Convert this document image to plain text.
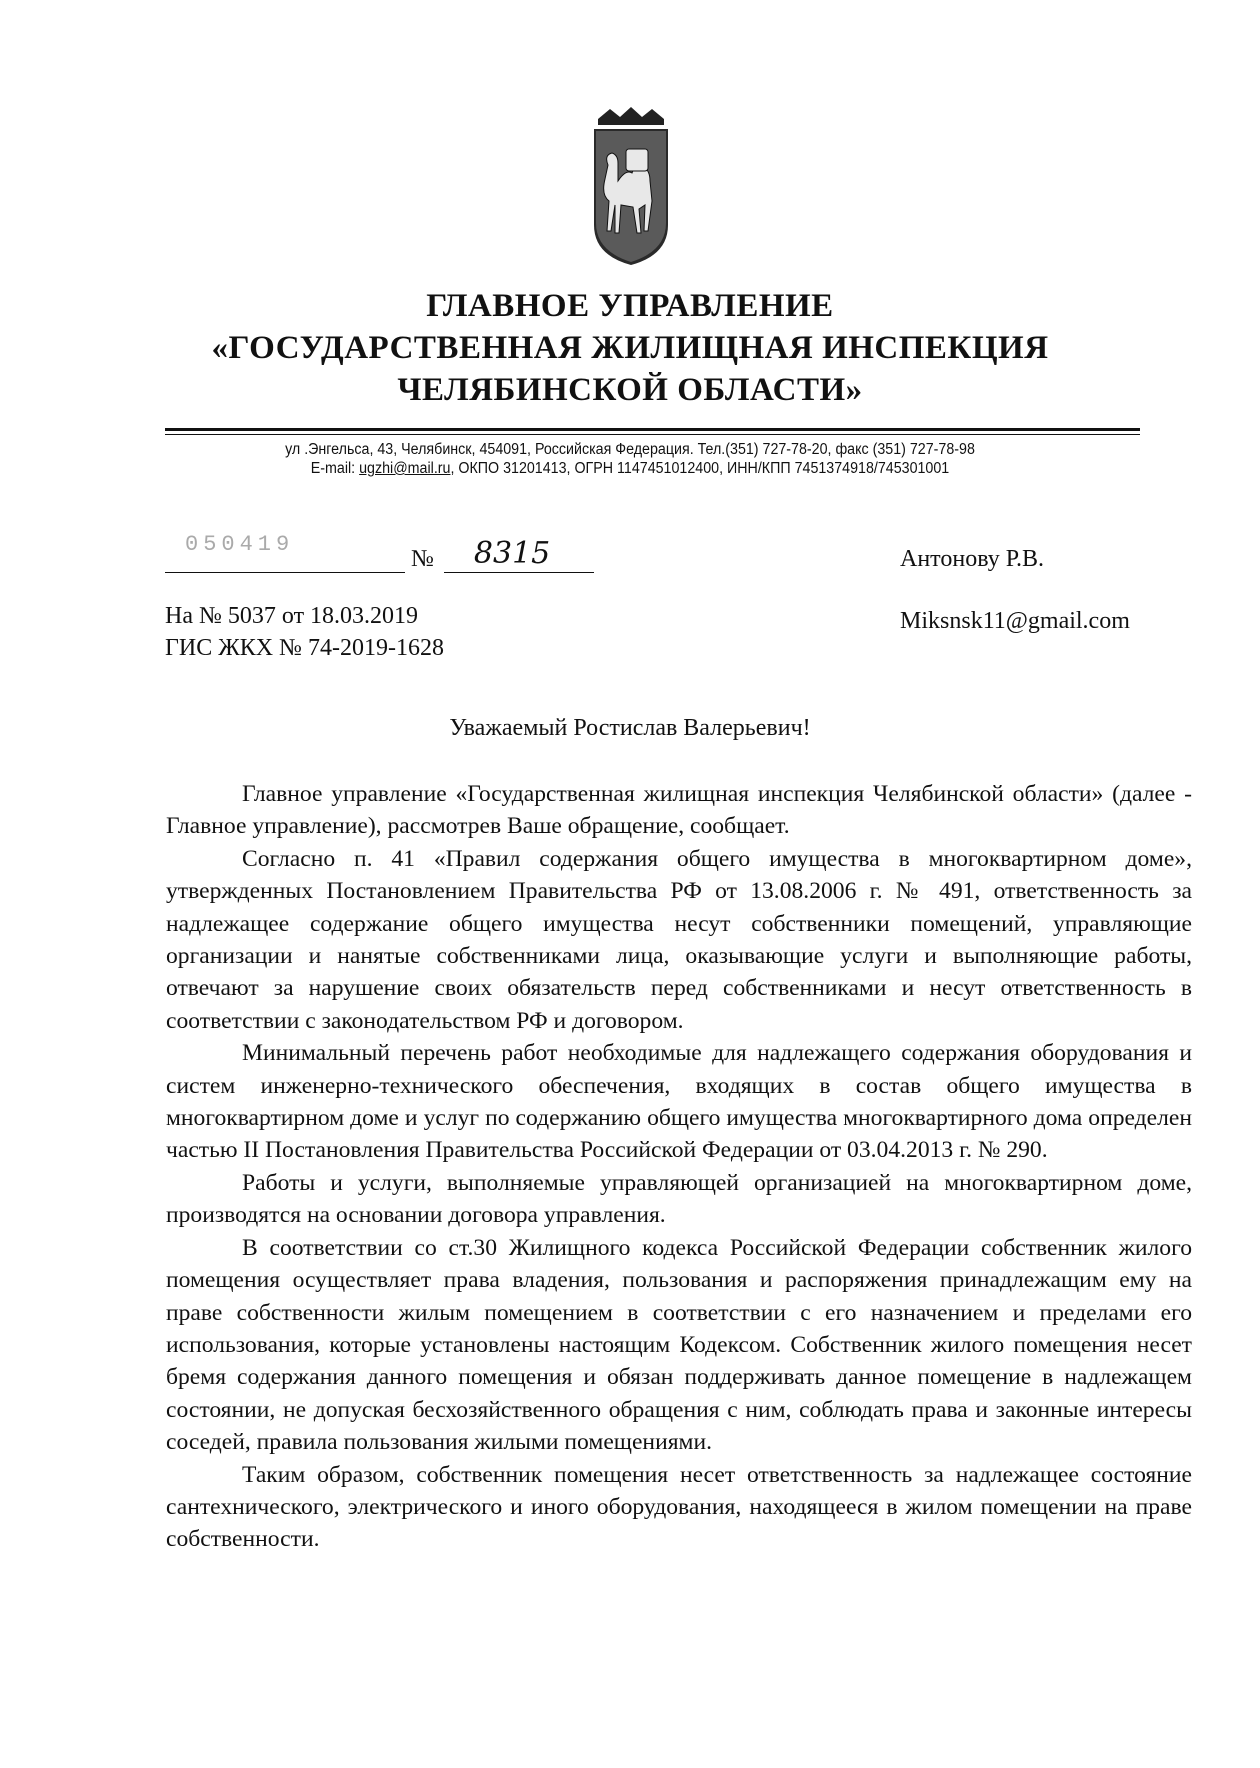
ГЛАВНОЕ УПРАВЛЕНИЕ
«ГОСУДАРСТВЕННАЯ ЖИЛИЩНАЯ ИНСПЕКЦИЯ
ЧЕЛЯБИНСКОЙ ОБЛАСТИ»
ул .Энгельса, 43, Челябинск, 454091, Российская Федерация. Тел.(351) 727-78-20, факс (351) 727-78-98
E-mail: ugzhi@mail.ru, ОКПО 31201413, ОГРН 1147451012400, ИНН/КПП 7451374918/745301001
050419
№ 8315	Антонову Р.В.
Miksnsk11@gmail.com
На № 5037 от 18.03.2019
ГИС ЖКХ № 74-2019-1628
Уважаемый Ростислав Валерьевич!

Главное управление «Государственная жилищная инспекция Челябинской области» (далее - Главное управление), рассмотрев Ваше обращение, сообщает.

Согласно п. 41 «Правил содержания общего имущества в многоквартирном доме», утвержденных Постановлением Правительства РФ от 13.08.2006 г. № 491, ответственность за надлежащее содержание общего имущества несут собственники помещений, управляющие организации и нанятые собственниками лица, оказывающие услуги и выполняющие работы, отвечают за нарушение своих обязательств перед собственниками и несут ответственность в соответствии с законодательством РФ и договором.

Минимальный перечень работ необходимые для надлежащего содержания оборудования и систем инженерно-технического обеспечения, входящих в состав общего имущества в многоквартирном доме и услуг по содержанию общего имущества многоквартирного дома определен частью II Постановления Правительства Российской Федерации от 03.04.2013 г. № 290.

Работы и услуги, выполняемые управляющей организацией на многоквартирном доме, производятся на основании договора управления.

В соответствии со ст.30 Жилищного кодекса Российской Федерации собственник жилого помещения осуществляет права владения, пользования и распоряжения принадлежащим ему на праве собственности жилым помещением в соответствии с его назначением и пределами его использования, которые установлены настоящим Кодексом. Собственник жилого помещения несет бремя содержания данного помещения и обязан поддерживать данное помещение в надлежащем состоянии, не допуская бесхозяйственного обращения с ним, соблюдать права и законные интересы соседей, правила пользования жилыми помещениями.

Таким образом, собственник помещения несет ответственность за надлежащее состояние сантехнического, электрического и иного оборудования, находящееся в жилом помещении на праве собственности.
